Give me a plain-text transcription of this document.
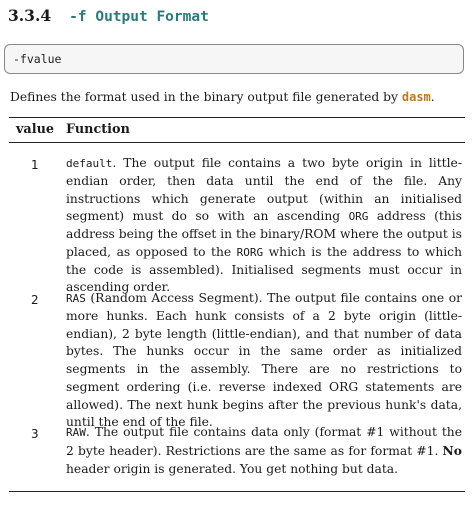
3.3.4 -f Output Format
-fvalue
Defines the format used in the binary output file generated by dasm.
value Function
1 default. The output file contains a two byte origin in little-endian order, then data until the end of the file. Any instructions which generate output (within an initialised segment) must do so with an ascending ORG address (this address being the offset in the binary/ROM where the output is placed, as opposed to the RORG which is the address to which the code is assembled). Initialised segments must occur in ascending order.
2 RAS (Random Access Segment). The output file contains one or more hunks. Each hunk consists of a 2 byte origin (little-endian), 2 byte length (little-endian), and that number of data bytes. The hunks occur in the same order as initialized segments in the assembly. There are no restrictions to segment ordering (i.e. reverse indexed ORG statements are allowed). The next hunk begins after the previous hunk's data, until the end of the file.
3 RAW. The output file contains data only (format #1 without the 2 byte header). Restrictions are the same as for format #1. No header origin is generated. You get nothing but data.
